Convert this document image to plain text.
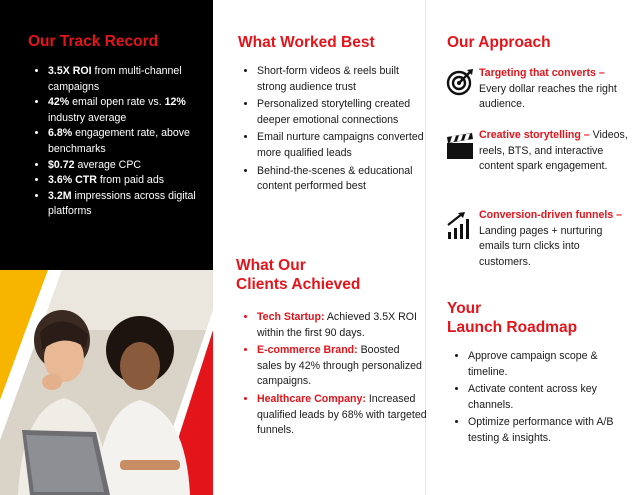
Our Track Record
• 3.5X ROI from multi-channel campaigns
• 42% email open rate vs. 12% industry average
• 6.8% engagement rate, above benchmarks
• $0.72 average CPC
• 3.6% CTR from paid ads
• 3.2M impressions across digital platforms
What Worked Best
• Short-form videos & reels built strong audience trust
• Personalized storytelling created deeper emotional connections
• Email nurture campaigns converted more qualified leads
• Behind-the-scenes & educational content performed best
What Our
Clients Achieved
• Tech Startup: Achieved 3.5X ROI within the first 90 days.
• E-commerce Brand: Boosted sales by 42% through personalized campaigns.
• Healthcare Company: Increased qualified leads by 68% with targeted funnels.
Our Approach
Targeting that converts – Every dollar reaches the right audience.
Creative storytelling – Videos, reels, BTS, and interactive content spark engagement.
Conversion-driven funnels – Landing pages + nurturing emails turn clicks into customers.
Your
Launch Roadmap
• Approve campaign scope & timeline.
• Activate content across key channels.
• Optimize performance with A/B testing & insights.
